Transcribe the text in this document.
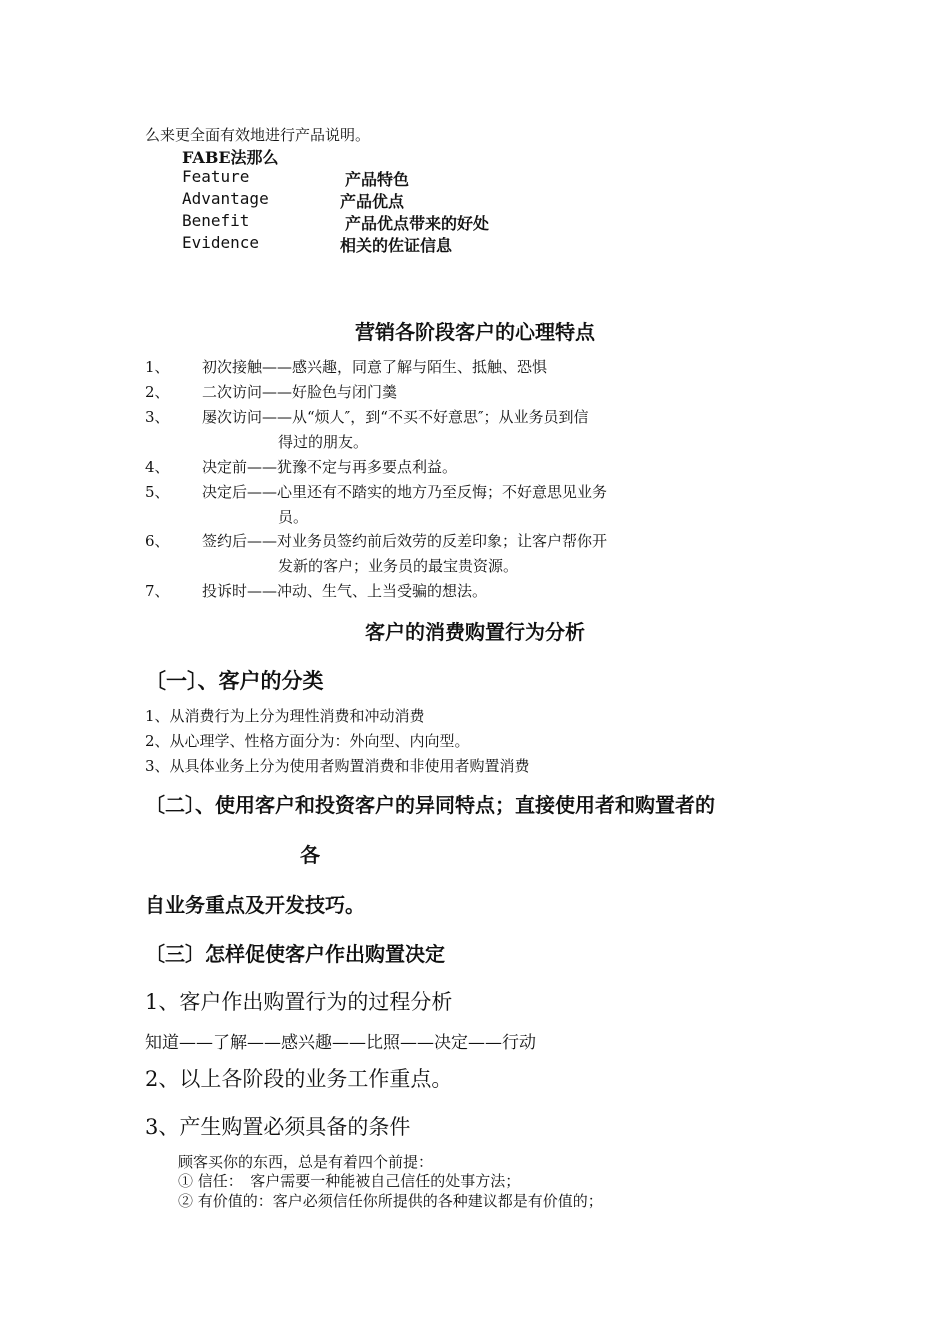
么来更全面有效地进行产品说明。
FABE法那么
Feature	产品特色
Advantage	产品优点
Benefit	产品优点带来的好处
Evidence	相关的佐证信息
营销各阶段客户的心理特点
1、 初次接触——感兴趣，同意了解与陌生、抵触、恐惧
2、 二次访问——好脸色与闭门羹
3、 屡次访问——从“烦人″，到“不买不好意思″；从业务员到信
得过的朋友。
4、 决定前——犹豫不定与再多要点利益。
5、 决定后——心里还有不踏实的地方乃至反悔；不好意思见业务
员。
6、 签约后——对业务员签约前后效劳的反差印象；让客户帮你开
发新的客户；业务员的最宝贵资源。
7、 投诉时——冲动、生气、上当受骗的想法。
客户的消费购置行为分析
〔一〕、客户的分类
1、从消费行为上分为理性消费和冲动消费
2、从心理学、性格方面分为：外向型、内向型。
3、从具体业务上分为使用者购置消费和非使用者购置消费
〔二〕、使用客户和投资客户的异同特点；直接使用者和购置者的
各
自业务重点及开发技巧。
〔三〕怎样促使客户作出购置决定
1、客户作出购置行为的过程分析
知道——了解——感兴趣——比照——决定——行动
2、以上各阶段的业务工作重点。
3、产生购置必须具备的条件
顾客买你的东西，总是有着四个前提：
① 信任：　客户需要一种能被自己信任的处事方法；
② 有价值的：客户必须信任你所提供的各种建议都是有价值的；
